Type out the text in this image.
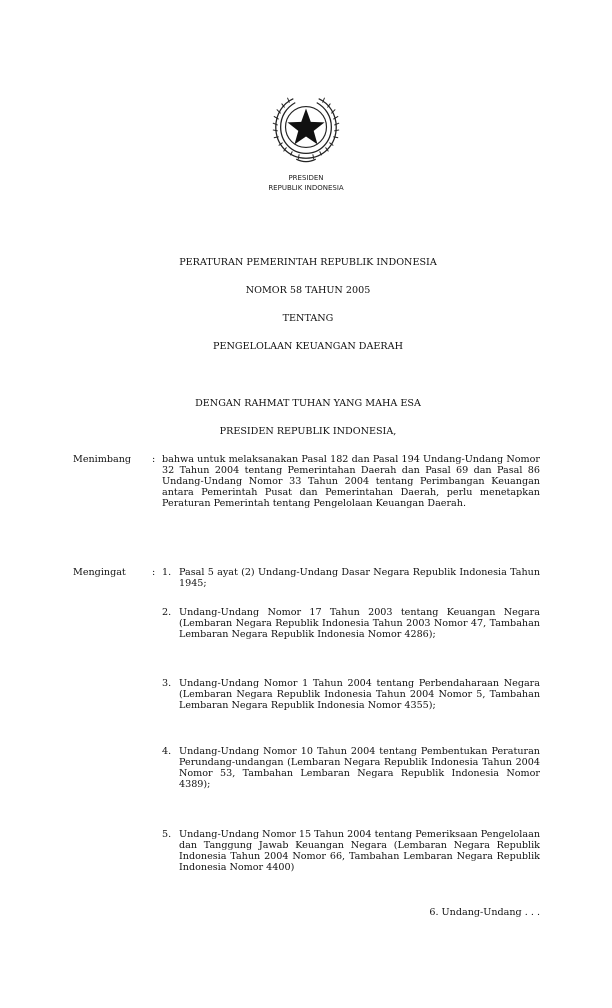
PRESIDEN
REPUBLIK INDONESIA
PERATURAN PEMERINTAH REPUBLIK INDONESIA
NOMOR 58 TAHUN 2005
TENTANG
PENGELOLAAN KEUANGAN DAERAH
DENGAN RAHMAT TUHAN YANG MAHA ESA
PRESIDEN REPUBLIK INDONESIA,
Menimbang : bahwa untuk melaksanakan Pasal 182 dan Pasal 194 Undang-Undang Nomor 32 Tahun 2004 tentang Pemerintahan Daerah dan Pasal 69 dan Pasal 86 Undang-Undang Nomor 33 Tahun 2004 tentang Perimbangan Keuangan antara Pemerintah Pusat dan Pemerintahan Daerah, perlu menetapkan Peraturan Pemerintah tentang Pengelolaan Keuangan Daerah.
Mengingat	: 1. Pasal 5 ayat (2) Undang-Undang Dasar Negara Republik Indonesia Tahun 1945;
2. Undang-Undang Nomor 17 Tahun 2003 tentang Keuangan Negara (Lembaran Negara Republik Indonesia Tahun 2003 Nomor 47, Tambahan Lembaran Negara Republik Indonesia Nomor 4286);
3. Undang-Undang Nomor 1 Tahun 2004 tentang Perbendaharaan Negara (Lembaran Negara Republik Indonesia Tahun 2004 Nomor 5, Tambahan Lembaran Negara Republik Indonesia Nomor 4355);
4. Undang-Undang Nomor 10 Tahun 2004 tentang Pembentukan Peraturan Perundang-undangan (Lembaran Negara Republik Indonesia Tahun 2004 Nomor 53, Tambahan Lembaran Negara Republik Indonesia Nomor 4389);
5. Undang-Undang Nomor 15 Tahun 2004 tentang Pemeriksaan Pengelolaan dan Tanggung Jawab Keuangan Negara (Lembaran Negara Republik Indonesia Tahun 2004 Nomor 66, Tambahan Lembaran Negara Republik Indonesia Nomor 4400)
6. Undang-Undang . . .
